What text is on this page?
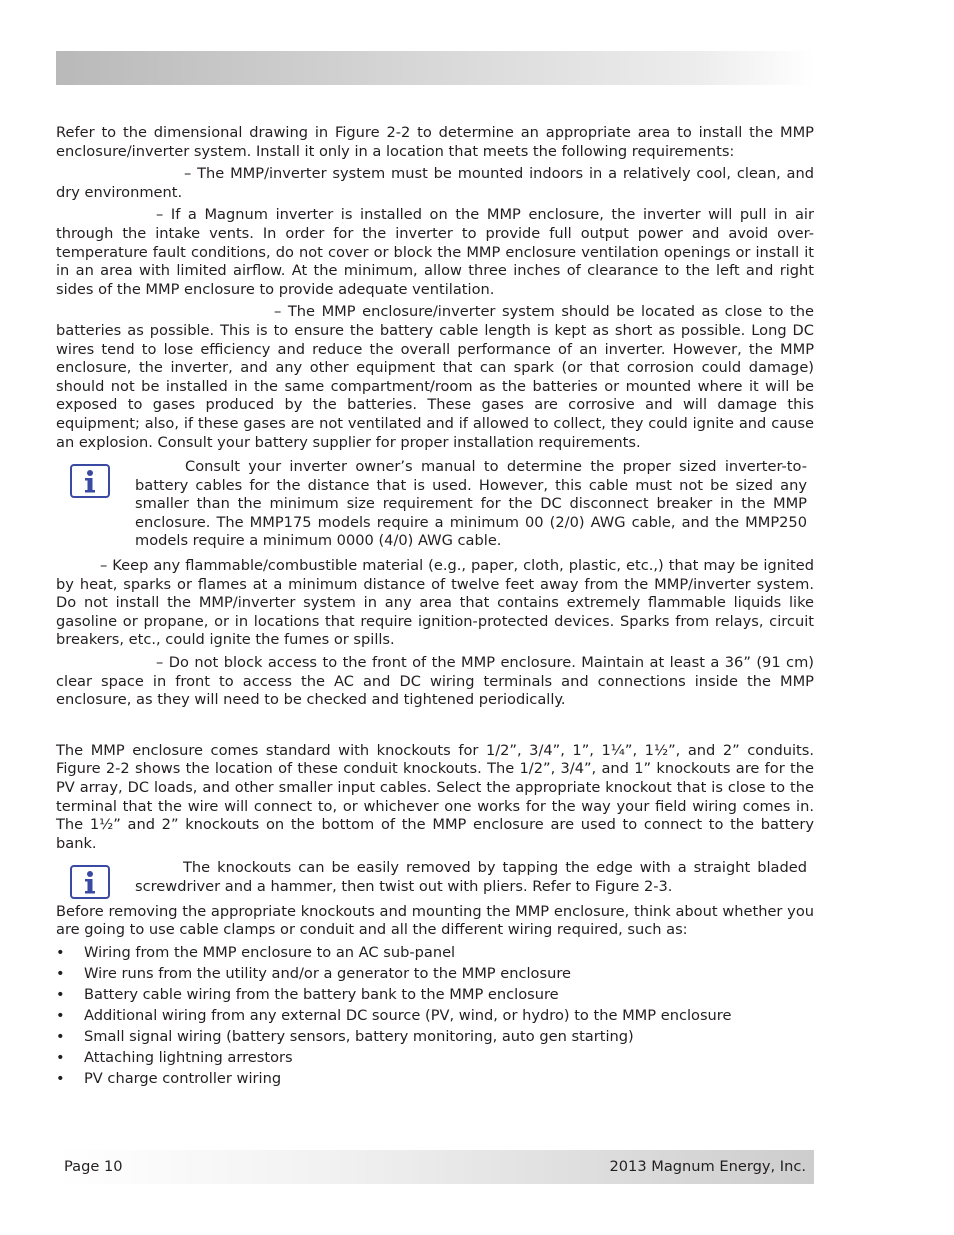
Refer to the dimensional drawing in Figure 2-2 to determine an appropriate area to install the MMP enclosure/inverter system. Install it only in a location that meets the following requirements:

– The MMP/inverter system must be mounted indoors in a relatively cool, clean, and dry environment.

– If a Magnum inverter is installed on the MMP enclosure, the inverter will pull in air through the intake vents. In order for the inverter to provide full output power and avoid over-temperature fault conditions, do not cover or block the MMP enclosure ventilation openings or install it in an area with limited airflow. At the minimum, allow three inches of clearance to the left and right sides of the MMP enclosure to provide adequate ventilation.

– The MMP enclosure/inverter system should be located as close to the batteries as possible. This is to ensure the battery cable length is kept as short as possible. Long DC wires tend to lose efficiency and reduce the overall performance of an inverter. However, the MMP enclosure, the inverter, and any other equipment that can spark (or that corrosion could damage) should not be installed in the same compartment/room as the batteries or mounted where it will be exposed to gases produced by the batteries. These gases are corrosive and will damage this equipment; also, if these gases are not ventilated and if allowed to collect, they could ignite and cause an explosion. Consult your battery supplier for proper installation requirements.

Consult your inverter owner’s manual to determine the proper sized inverter-to-battery cables for the distance that is used. However, this cable must not be sized any smaller than the minimum size requirement for the DC disconnect breaker in the MMP enclosure. The MMP175 models require a minimum 00 (2/0) AWG cable, and the MMP250 models require a minimum 0000 (4/0) AWG cable.

– Keep any flammable/combustible material (e.g., paper, cloth, plastic, etc.,) that may be ignited by heat, sparks or flames at a minimum distance of twelve feet away from the MMP/inverter system. Do not install the MMP/inverter system in any area that contains extremely flammable liquids like gasoline or propane, or in locations that require ignition-protected devices. Sparks from relays, circuit breakers, etc., could ignite the fumes or spills.

– Do not block access to the front of the MMP enclosure. Maintain at least a 36” (91 cm) clear space in front to access the AC and DC wiring terminals and connections inside the MMP enclosure, as they will need to be checked and tightened periodically.

The MMP enclosure comes standard with knockouts for 1/2”, 3/4”, 1”, 1¼”, 1½”, and 2” conduits. Figure 2-2 shows the location of these conduit knockouts. The 1/2”, 3/4”, and 1” knockouts are for the PV array, DC loads, and other smaller input cables. Select the appropriate knockout that is close to the terminal that the wire will connect to, or whichever one works for the way your field wiring comes in. The 1½” and 2” knockouts on the bottom of the MMP enclosure are used to connect to the battery bank.

The knockouts can be easily removed by tapping the edge with a straight bladed screwdriver and a hammer, then twist out with pliers. Refer to Figure 2-3.

Before removing the appropriate knockouts and mounting the MMP enclosure, think about whether you are going to use cable clamps or conduit and all the different wiring required, such as:

• Wiring from the MMP enclosure to an AC sub-panel
• Wire runs from the utility and/or a generator to the MMP enclosure
• Battery cable wiring from the battery bank to the MMP enclosure
• Additional wiring from any external DC source (PV, wind, or hydro) to the MMP enclosure
• Small signal wiring (battery sensors, battery monitoring, auto gen starting)
• Attaching lightning arrestors
• PV charge controller wiring
Page 10	2013 Magnum Energy, Inc.
